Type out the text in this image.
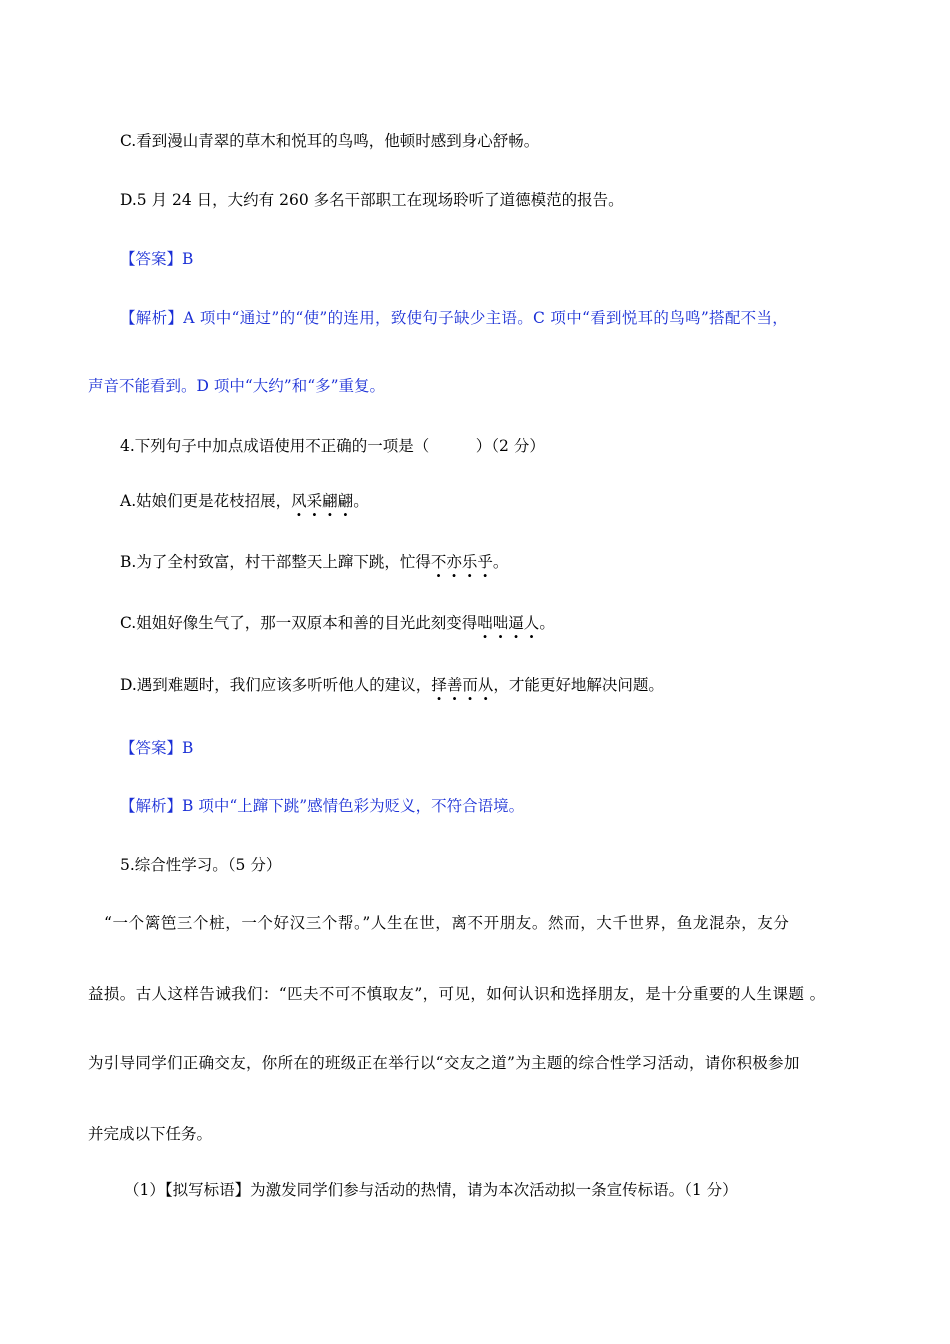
C.看到漫山青翠的草木和悦耳的鸟鸣，他顿时感到身心舒畅。
D.5 月 24 日，大约有 260 多名干部职工在现场聆听了道德模范的报告。
【答案】B
【解析】A 项中“通过”的“使”的连用，致使句子缺少主语。C 项中“看到悦耳的鸟鸣”搭配不当，
声音不能看到。D 项中“大约”和“多”重复。
4.下列句子中加点成语使用不正确的一项是（　　　）（2 分）
A.姑娘们更是花枝招展，风采翩翩。
B.为了全村致富，村干部整天上蹿下跳，忙得不亦乐乎。
C.姐姐好像生气了，那一双原本和善的目光此刻变得咄咄逼人。
D.遇到难题时，我们应该多听听他人的建议，择善而从，才能更好地解决问题。
【答案】B
【解析】B 项中“上蹿下跳”感情色彩为贬义，不符合语境。
5.综合性学习。（5 分）
“一个篱笆三个桩，一个好汉三个帮。”人生在世，离不开朋友。然而，大千世界，鱼龙混杂，友分
益损。古人这样告诫我们：“匹夫不可不慎取友”，可见，如何认识和选择朋友，是十分重要的人生课题 。
为引导同学们正确交友，你所在的班级正在举行以“交友之道”为主题的综合性学习活动，请你积极参加
并完成以下任务。
（1）【拟写标语】为激发同学们参与活动的热情，请为本次活动拟一条宣传标语。（1 分）
